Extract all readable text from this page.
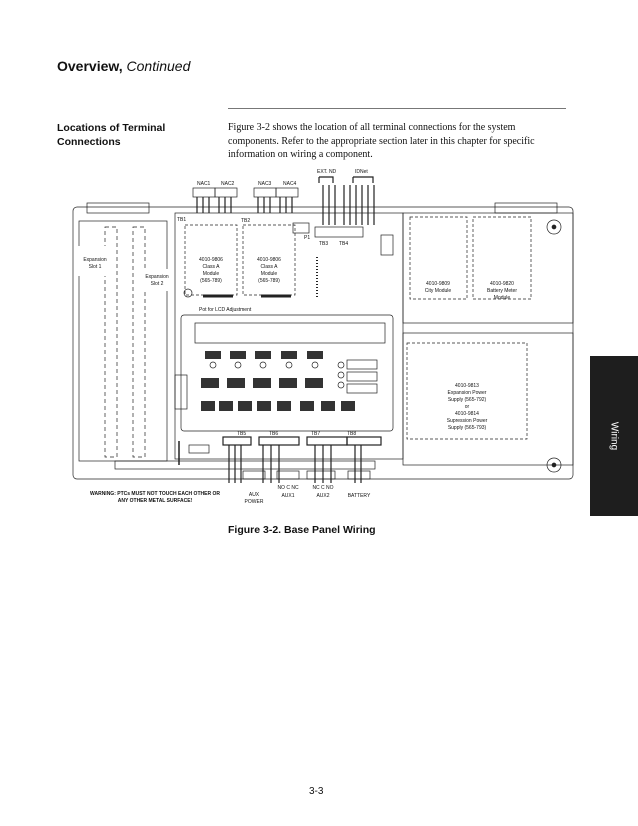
Overview, Continued
Locations of Terminal Connections
Figure 3-2 shows the location of all terminal connections for the system components. Refer to the appropriate section later in this chapter for specific information on wiring a component.
NAC1 NAC2	NAC3 NAC4
EXT. ND	IDNet
TB1	TB2
P1
TB3 TB4
Expansion Slot 1
Expansion Slot 2
4010-9806 Class A Module (565-789)
4010-9806 Class A Module (565-789)	4010-9809 City Module
4010-9820 Battery Meter Module
Pot for LCD Adjustment
4010-9813 Expansion Power Supply (565-792) or 4010-9814 Supression Power Supply (565-793)
TB5	TB6	TB7	TB8
WARNING: PTCs MUST NOT TOUCH EACH OTHER OR ANY OTHER METAL SURFACE!
AUX POWER
NO C NC
AUX1
NC C NO
AUX2	BATTERY
Figure 3-2. Base Panel Wiring
3-3
Wiring
